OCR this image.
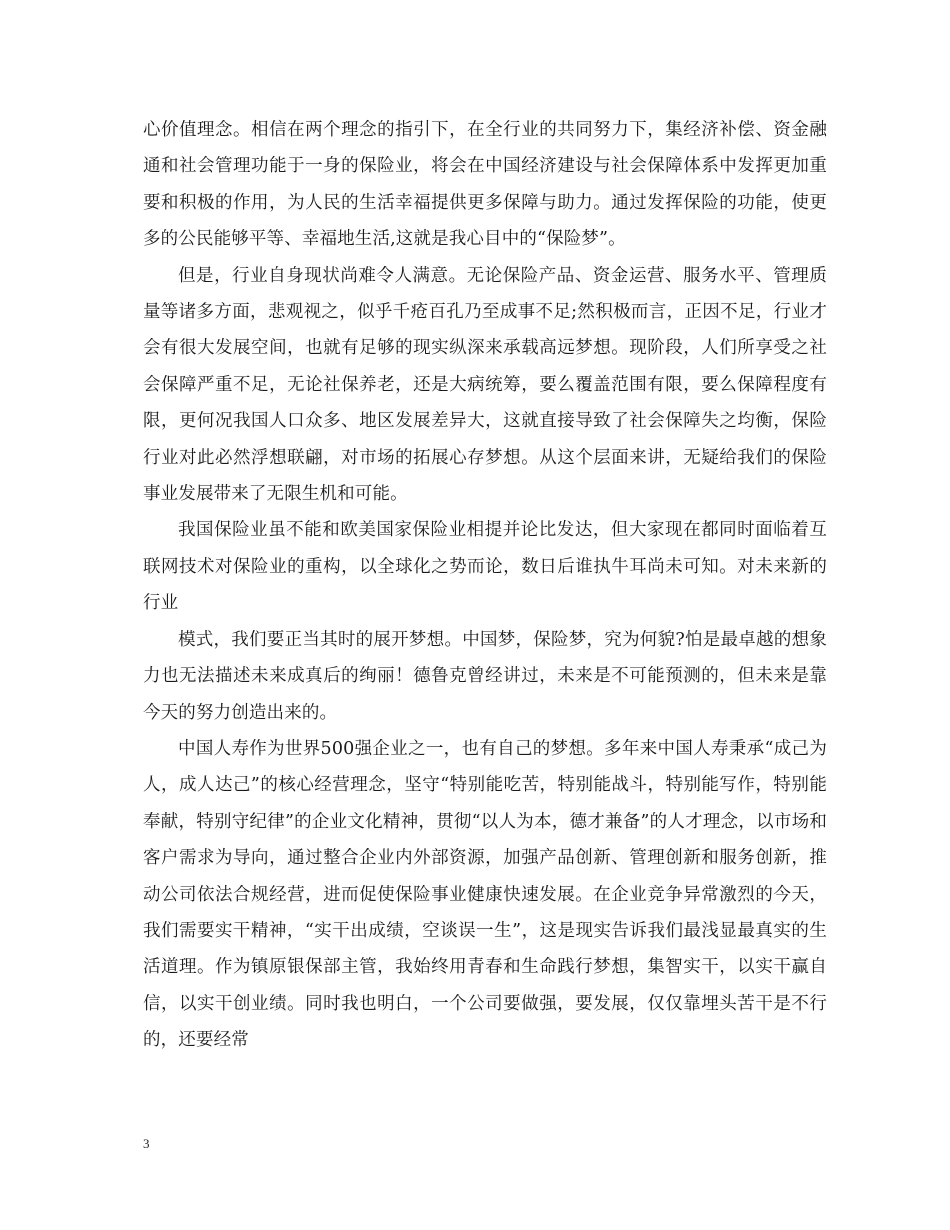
心价值理念。相信在两个理念的指引下，在全行业的共同努力下，集经济补偿、资金融通和社会管理功能于一身的保险业，将会在中国经济建设与社会保障体系中发挥更加重要和积极的作用，为人民的生活幸福提供更多保障与助力。通过发挥保险的功能，使更多的公民能够平等、幸福地生活,这就是我心目中的“保险梦”。

但是，行业自身现状尚难令人满意。无论保险产品、资金运营、服务水平、管理质量等诸多方面，悲观视之，似乎千疮百孔乃至成事不足;然积极而言，正因不足，行业才会有很大发展空间，也就有足够的现实纵深来承载高远梦想。现阶段，人们所享受之社会保障严重不足，无论社保养老，还是大病统筹，要么覆盖范围有限，要么保障程度有限，更何况我国人口众多、地区发展差异大，这就直接导致了社会保障失之均衡，保险行业对此必然浮想联翩，对市场的拓展心存梦想。从这个层面来讲，无疑给我们的保险事业发展带来了无限生机和可能。

我国保险业虽不能和欧美国家保险业相提并论比发达，但大家现在都同时面临着互联网技术对保险业的重构，以全球化之势而论，数日后谁执牛耳尚未可知。对未来新的行业

模式，我们要正当其时的展开梦想。中国梦，保险梦，究为何貌?怕是最卓越的想象力也无法描述未来成真后的绚丽！德鲁克曾经讲过，未来是不可能预测的，但未来是靠今天的努力创造出来的。

中国人寿作为世界500强企业之一，也有自己的梦想。多年来中国人寿秉承“成己为人，成人达己”的核心经营理念，坚守“特别能吃苦，特别能战斗，特别能写作，特别能奉献，特别守纪律”的企业文化精神，贯彻“以人为本，德才兼备”的人才理念，以市场和客户需求为导向，通过整合企业内外部资源，加强产品创新、管理创新和服务创新，推动公司依法合规经营，进而促使保险事业健康快速发展。在企业竞争异常激烈的今天，我们需要实干精神，“实干出成绩，空谈误一生”，这是现实告诉我们最浅显最真实的生活道理。作为镇原银保部主管，我始终用青春和生命践行梦想，集智实干，以实干赢自信，以实干创业绩。同时我也明白，一个公司要做强，要发展，仅仅靠埋头苦干是不行的，还要经常

3
